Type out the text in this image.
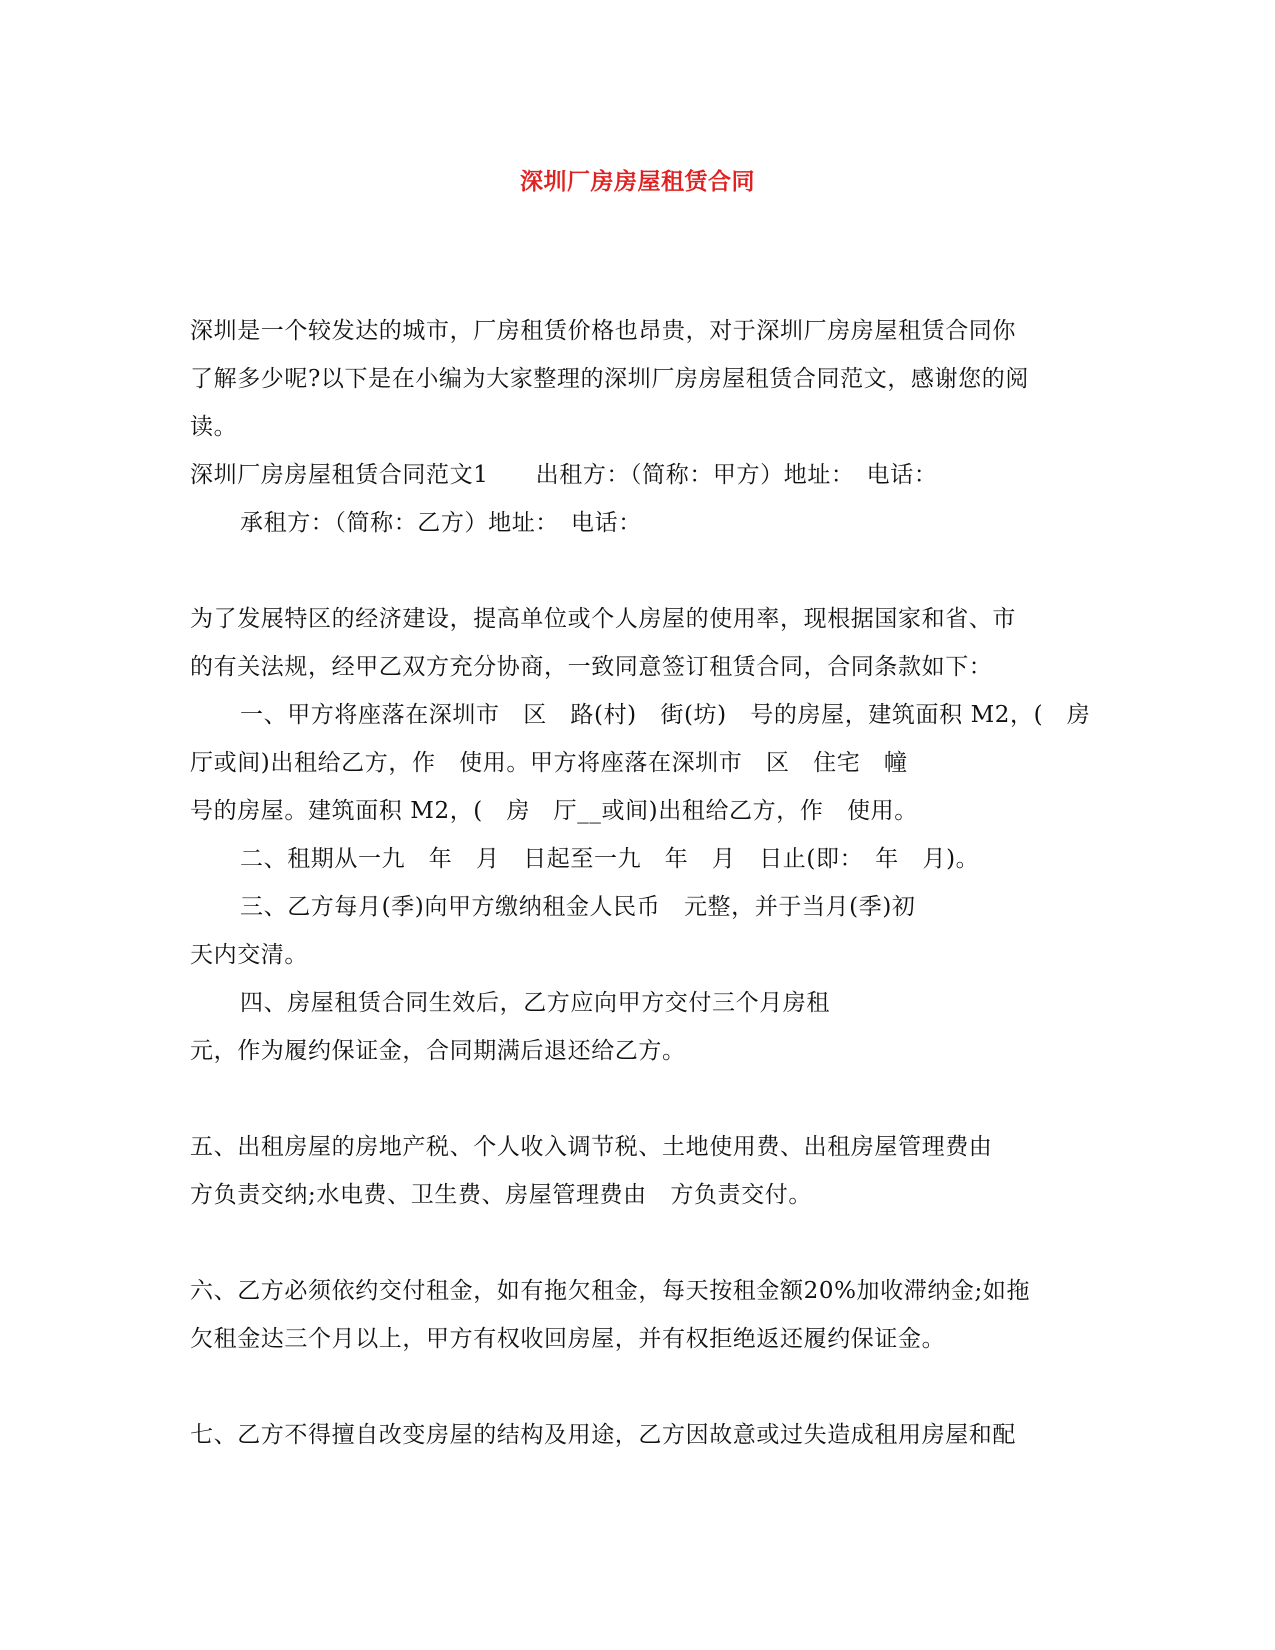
深圳厂房房屋租赁合同
深圳是一个较发达的城市，厂房租赁价格也昂贵，对于深圳厂房房屋租赁合同你
了解多少呢?以下是在小编为大家整理的深圳厂房房屋租赁合同范文，感谢您的阅
读。
深圳厂房房屋租赁合同范文1　　出租方：（简称：甲方）地址：　电话：
承租方：（简称：乙方）地址：　电话：
为了发展特区的经济建设，提高单位或个人房屋的使用率，现根据国家和省、市
的有关法规，经甲乙双方充分协商，一致同意签订租赁合同，合同条款如下：
一、甲方将座落在深圳市　区　路(村)　街(坊)　号的房屋，建筑面积 M2，(　房
厅或间)出租给乙方，作　使用。甲方将座落在深圳市　区　住宅　幢
号的房屋。建筑面积 M2，(　房　厅__或间)出租给乙方，作　使用。
二、租期从一九　年　月　日起至一九　年　月　日止(即：　年　月)。
三、乙方每月(季)向甲方缴纳租金人民币　元整，并于当月(季)初
天内交清。
四、房屋租赁合同生效后，乙方应向甲方交付三个月房租
元，作为履约保证金，合同期满后退还给乙方。
五、出租房屋的房地产税、个人收入调节税、土地使用费、出租房屋管理费由
方负责交纳;水电费、卫生费、房屋管理费由　方负责交付。
六、乙方必须依约交付租金，如有拖欠租金，每天按租金额20%加收滞纳金;如拖
欠租金达三个月以上，甲方有权收回房屋，并有权拒绝返还履约保证金。
七、乙方不得擅自改变房屋的结构及用途，乙方因故意或过失造成租用房屋和配
